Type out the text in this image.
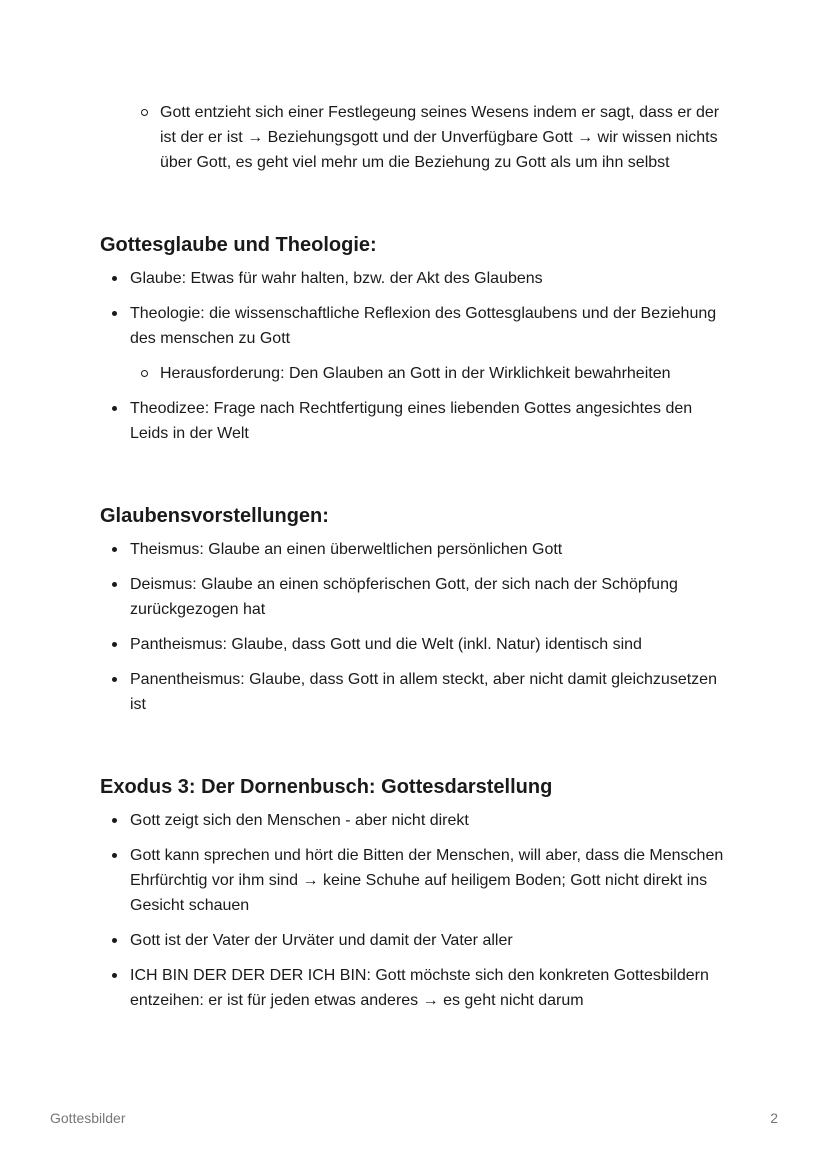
Gott entzieht sich einer Festlegeung seines Wesens indem er sagt, dass er der ist der er ist → Beziehungsgott und der Unverfügbare Gott → wir wissen nichts über Gott, es geht viel mehr um die Beziehung zu Gott als um ihn selbst
Gottesglaube und Theologie:
Glaube: Etwas für wahr halten, bzw. der Akt des Glaubens
Theologie: die wissenschaftliche Reflexion des Gottesglaubens und der Beziehung des menschen zu Gott
Herausforderung: Den Glauben an Gott in der Wirklichkeit bewahrheiten
Theodizee: Frage nach Rechtfertigung eines liebenden Gottes angesichtes den Leids in der Welt
Glaubensvorstellungen:
Theismus: Glaube an einen überweltlichen persönlichen Gott
Deismus: Glaube an einen schöpferischen Gott, der sich nach der Schöpfung zurückgezogen hat
Pantheismus: Glaube, dass Gott und die Welt (inkl. Natur) identisch sind
Panentheismus: Glaube, dass Gott in allem steckt, aber nicht damit gleichzusetzen ist
Exodus 3: Der Dornenbusch: Gottesdarstellung
Gott zeigt sich den Menschen - aber nicht direkt
Gott kann sprechen und hört die Bitten der Menschen, will aber, dass die Menschen Ehrfürchtig vor ihm sind → keine Schuhe auf heiligem Boden; Gott nicht direkt ins Gesicht schauen
Gott ist der Vater der Urväter und damit der Vater aller
ICH BIN DER DER DER ICH BIN: Gott möchste sich den konkreten Gottesbildern entzeihen: er ist für jeden etwas anderes → es geht nicht darum
Gottesbilder	2
